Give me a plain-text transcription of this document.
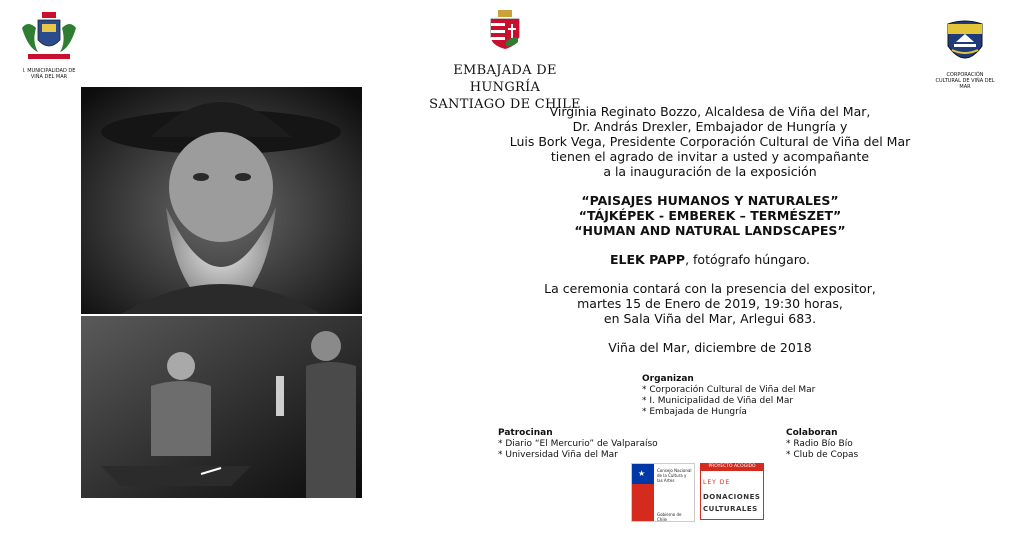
I. MUNICIPALIDAD DE VIÑA DEL MAR	EMBAJADA DE HUNGRÍA
SANTIAGO DE CHILE
CORPORACIÓN CULTURAL DE VIÑA DEL MAR
Virginia Reginato Bozzo, Alcaldesa de Viña del Mar,
Dr. András Drexler, Embajador de Hungría y
Luis Bork Vega, Presidente Corporación Cultural de Viña del Mar
tienen el agrado de invitar a usted y acompañante
a la inauguración de la exposición
“PAISAJES HUMANOS Y NATURALES”
“TÁJKÉPEK - EMBEREK – TERMÉSZET”
“HUMAN AND NATURAL LANDSCAPES”
ELEK PAPP, fotógrafo húngaro.
La ceremonia contará con la presencia del expositor,
martes 15 de Enero de 2019, 19:30 horas,
en Sala Viña del Mar, Arlegui 683.
Viña del Mar, diciembre de 2018
Organizan
* Corporación Cultural de Viña del Mar
* I. Municipalidad de Viña del Mar
* Embajada de Hungría
Patrocinan
* Diario “El Mercurio” de Valparaíso
* Universidad Viña del Mar
Colaboran
* Radio Bío Bío
* Club de Copas
★	Consejo Nacional de la Cultura y las Artes
Gobierno de Chile
PROYECTO ACOGIDO
LEY DE
DONACIONES
CULTURALES
